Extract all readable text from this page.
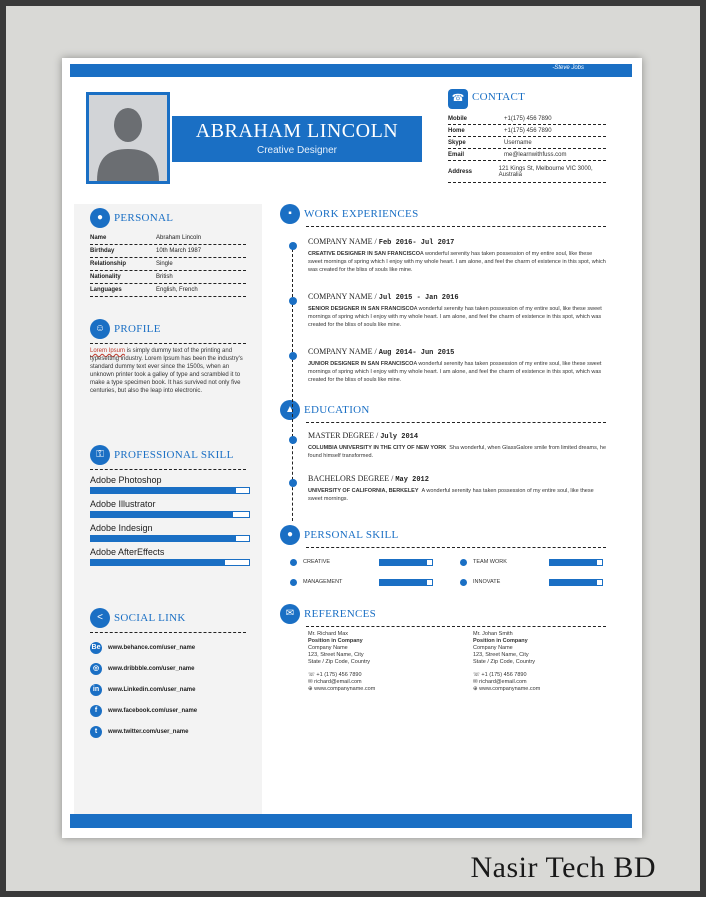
-Steve Jobs
ABRAHAM LINCOLN
Creative Designer
☎ CONTACT
Mobile	+1(175) 456 7890
Home	+1(175) 456 7890
Skype	Username
Email	me@learnwithfuss.com
Address	121 Kings St, Melbourne VIC 3000, Australia
● PERSONAL
Name	Abraham Lincoln
Birthday	10th March 1987
Relationship	Single
Nationality	British
Languages	English, French
☺ PROFILE
Lorem Ipsum is simply dummy text of the printing and typesetting industry. Lorem Ipsum has been the industry's standard dummy text ever since the 1500s, when an unknown printer took a galley of type and scrambled it to make a type specimen book. It has survived not only five centuries, but also the leap into electronic.
⚿ PROFESSIONAL SKILL
Adobe Photoshop
Adobe Illustrator
Adobe Indesign
Adobe AfterEffects
< SOCIAL LINK
Be www.behance.com/user_name
◎	www.dribbble.com/user_name
in	www.Linkedin.com/user_name
f	www.facebook.com/user_name
t	www.twitter.com/user_name
▪ WORK EXPERIENCES
COMPANY NAME / Feb 2016- Jul 2017
CREATIVE DESIGNER IN SAN FRANCISCOA wonderful serenity has taken possession of my entire soul, like these sweet mornings of spring which I enjoy with my whole heart. I am alone, and feel the charm of existence in this spot, which was created for the bliss of souls like mine.
COMPANY NAME / Jul 2015 - Jan 2016
SENIOR DESIGNER IN SAN FRANCISCOA wonderful serenity has taken possession of my entire soul, like these sweet mornings of spring which I enjoy with my whole heart. I am alone, and feel the charm of existence in this spot, which was created for the bliss of souls like mine.
COMPANY NAME / Aug 2014- Jun 2015
JUNIOR DESIGNER IN SAN FRANCISCOA wonderful serenity has taken possession of my entire soul, like these sweet mornings of spring which I enjoy with my whole heart. I am alone, and feel the charm of existence in this spot, which was created for the bliss of souls like mine.
▲ EDUCATION
MASTER DEGREE / July 2014
COLUMBIA UNIVERSITY IN THE CITY OF NEW YORK Sha wonderful, when GlassGalore smile from limited dreams, he found himself transformed.
BACHELORS DEGREE / May 2012
UNIVERSITY OF CALIFORNIA, BERKELEY A wonderful serenity has taken possession of my entire soul, like these sweet mornings.
● PERSONAL SKILL
CREATIVE	TEAM WORK
MANAGEMENT	INNOVATE
✉ REFERENCES
Mr. Richard Max
Position in Company
Company Name
123, Street Name, City
State / Zip Code, Country
☏ +1 (175) 456 7890
✉ richard@email.com
⊕ www.companyname.com
Mr. Johan Smith
Position in Company
Company Name
123, Street Name, City
State / Zip Code, Country
☏ +1 (175) 456 7890
✉ richard@email.com
⊕ www.companyname.com
Nasir Tech BD
